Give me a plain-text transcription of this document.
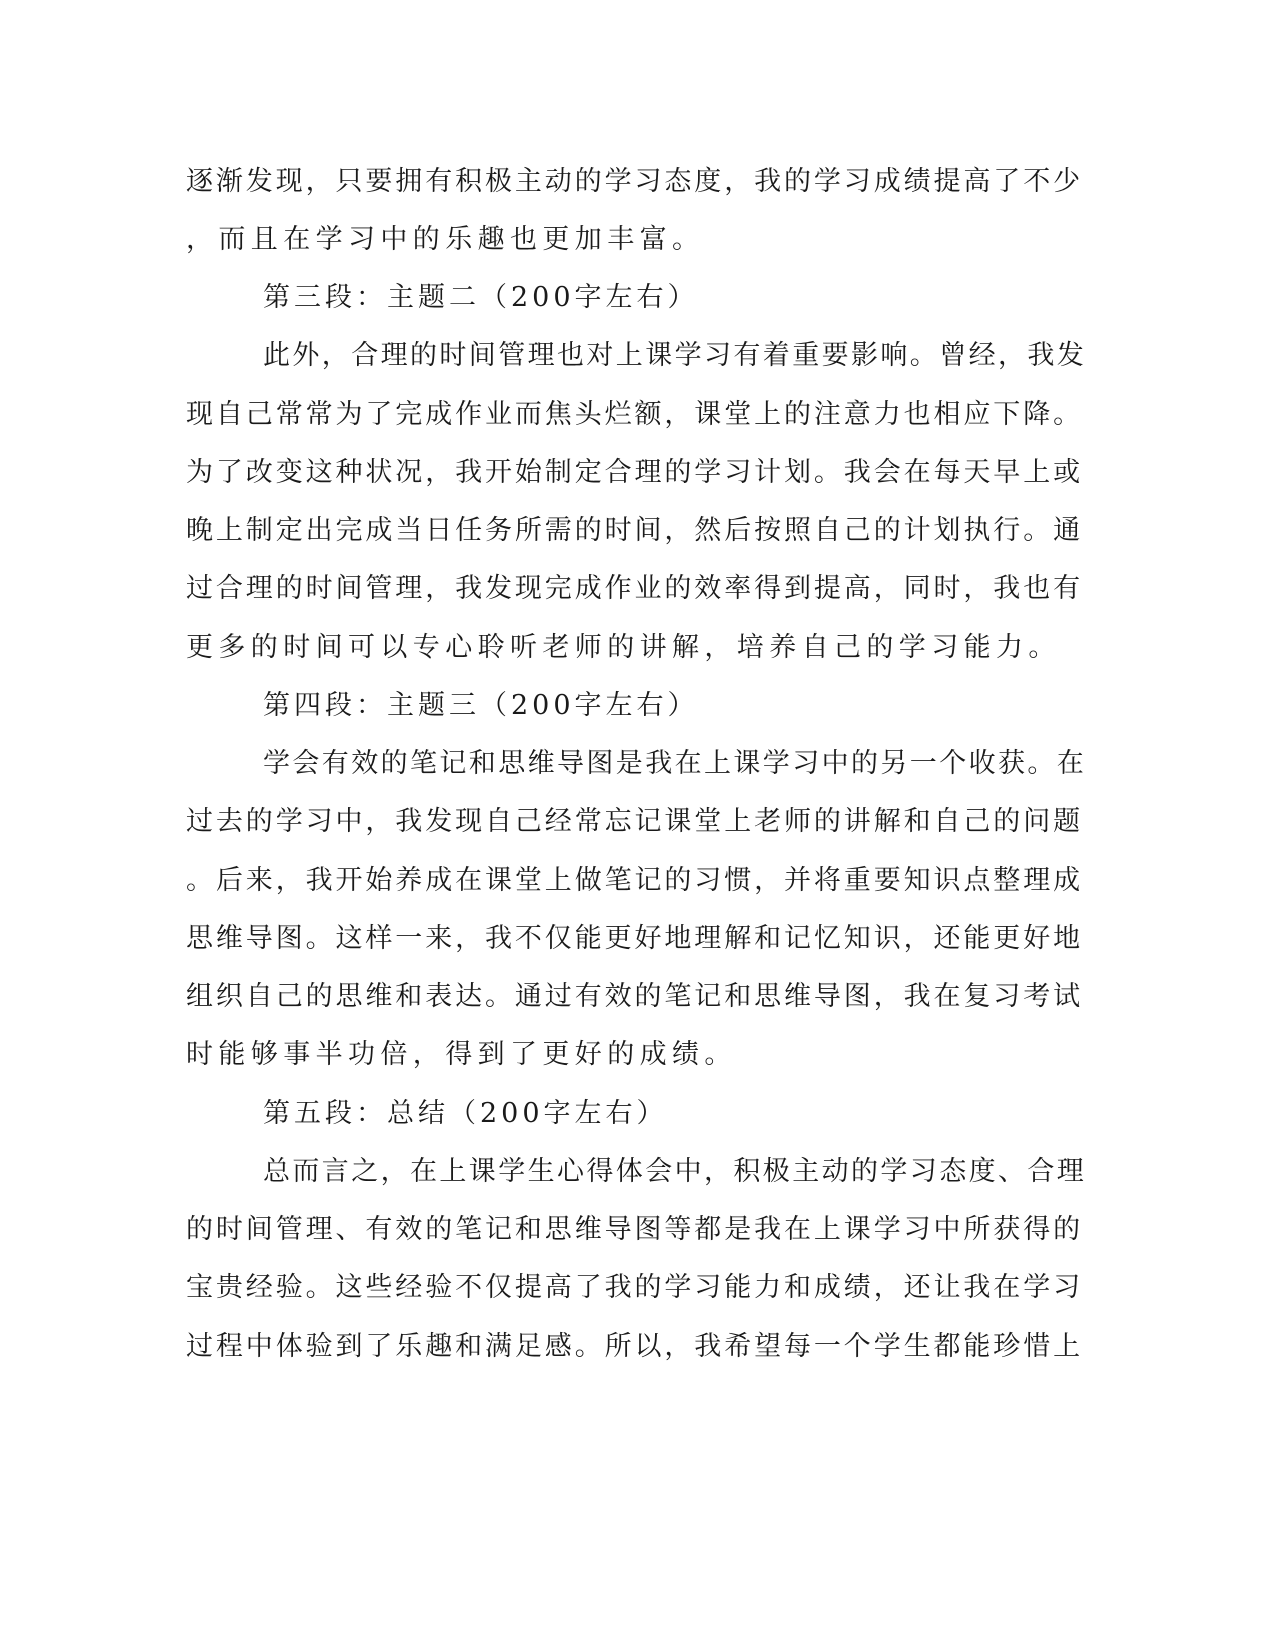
逐渐发现，只要拥有积极主动的学习态度，我的学习成绩提高了不少
，而且在学习中的乐趣也更加丰富。
第三段：主题二（200字左右）
此外，合理的时间管理也对上课学习有着重要影响。曾经，我发
现自己常常为了完成作业而焦头烂额，课堂上的注意力也相应下降。
为了改变这种状况，我开始制定合理的学习计划。我会在每天早上或
晚上制定出完成当日任务所需的时间，然后按照自己的计划执行。通
过合理的时间管理，我发现完成作业的效率得到提高，同时，我也有
更多的时间可以专心聆听老师的讲解，培养自己的学习能力。
第四段：主题三（200字左右）
学会有效的笔记和思维导图是我在上课学习中的另一个收获。在
过去的学习中，我发现自己经常忘记课堂上老师的讲解和自己的问题
。后来，我开始养成在课堂上做笔记的习惯，并将重要知识点整理成
思维导图。这样一来，我不仅能更好地理解和记忆知识，还能更好地
组织自己的思维和表达。通过有效的笔记和思维导图，我在复习考试
时能够事半功倍，得到了更好的成绩。
第五段：总结（200字左右）
总而言之，在上课学生心得体会中，积极主动的学习态度、合理
的时间管理、有效的笔记和思维导图等都是我在上课学习中所获得的
宝贵经验。这些经验不仅提高了我的学习能力和成绩，还让我在学习
过程中体验到了乐趣和满足感。所以，我希望每一个学生都能珍惜上
